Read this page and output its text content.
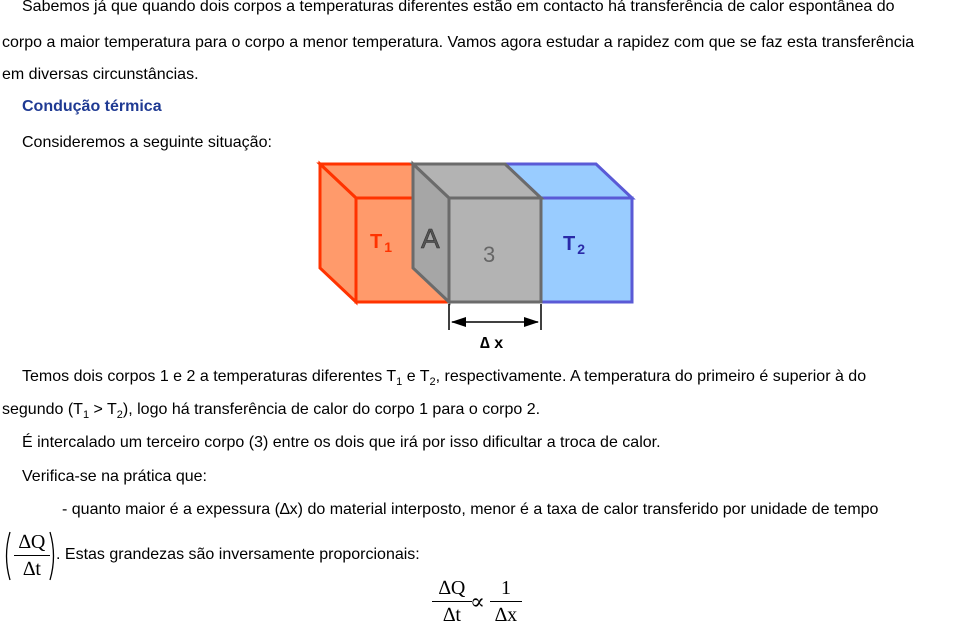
Sabemos já que quando dois corpos a temperaturas diferentes estão em contacto há transferência de calor espontânea do
corpo a maior temperatura para o corpo a menor temperatura. Vamos agora estudar a rapidez com que se faz esta transferência
em diversas circunstâncias.
Condução térmica
Consideremos a seguinte situação:
T $_1$ A
3	T $_2$
∆ x
Temos dois corpos 1 e 2 a temperaturas diferentes $T_1$ e $T_2$, respectivamente. A temperatura do primeiro é superior à do
segundo $(T_1 > T_2)$, logo há transferência de calor do corpo 1 para o corpo 2.
É intercalado um terceiro corpo (3) entre os dois que irá por isso dificultar a troca de calor.
Verifica-se na prática que:
- quanto maior é a expessura (∆x) do material interposto, menor é a taxa de calor transferido por unidade de tempo
∆Q
∆t
. Estas grandezas são inversamente proporcionais:
∆Q
∆t
∝
1
∆x
